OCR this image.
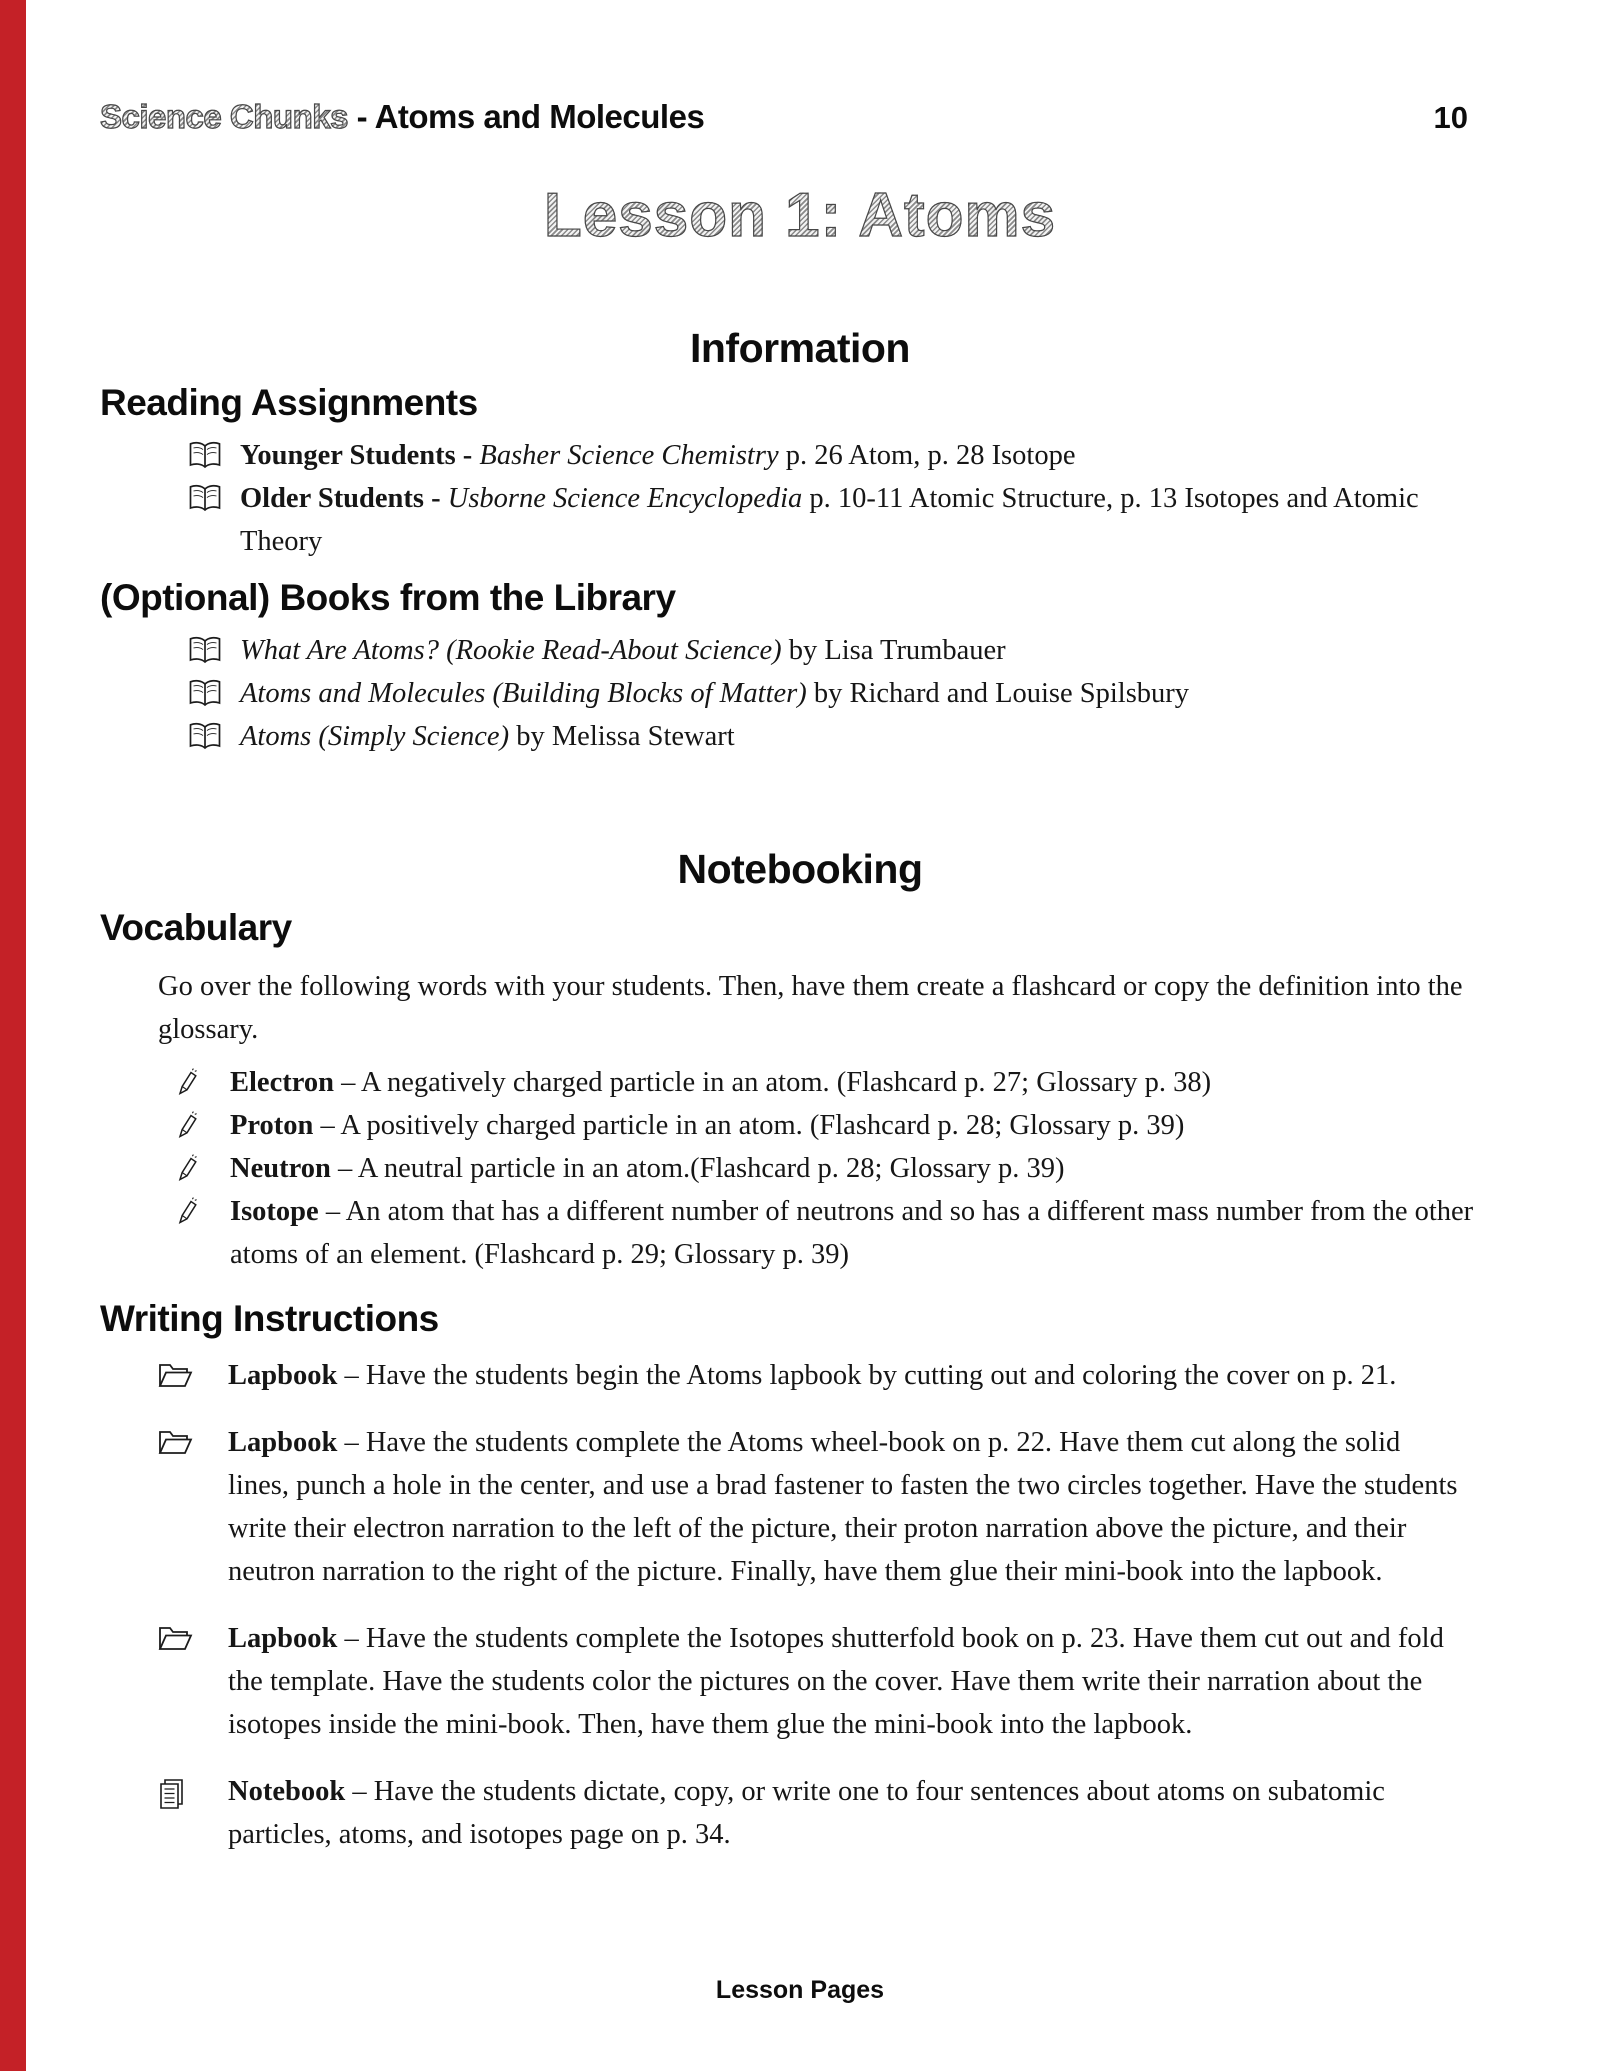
Science Chunks - Atoms and Molecules	10
Lesson 1: Atoms
Information
Reading Assignments
Younger Students - Basher Science Chemistry p. 26 Atom, p. 28 Isotope
Older Students - Usborne Science Encyclopedia p. 10-11 Atomic Structure, p. 13 Isotopes and Atomic Theory
(Optional) Books from the Library
What Are Atoms? (Rookie Read-About Science) by Lisa Trumbauer
Atoms and Molecules (Building Blocks of Matter) by Richard and Louise Spilsbury
Atoms (Simply Science) by Melissa Stewart
Notebooking
Vocabulary
Go over the following words with your students. Then, have them create a flashcard or copy the definition into the glossary.
Electron – A negatively charged particle in an atom. (Flashcard p. 27; Glossary p. 38)
Proton – A positively charged particle in an atom. (Flashcard p. 28; Glossary p. 39)
Neutron – A neutral particle in an atom.(Flashcard p. 28; Glossary p. 39)
Isotope – An atom that has a different number of neutrons and so has a different mass number from the other atoms of an element. (Flashcard p. 29; Glossary p. 39)
Writing Instructions
Lapbook – Have the students begin the Atoms lapbook by cutting out and coloring the cover on p. 21.
Lapbook – Have the students complete the Atoms wheel-book on p. 22. Have them cut along the solid lines, punch a hole in the center, and use a brad fastener to fasten the two circles together. Have the students write their electron narration to the left of the picture, their proton narration above the picture, and their neutron narration to the right of the picture. Finally, have them glue their mini-book into the lapbook.
Lapbook – Have the students complete the Isotopes shutterfold book on p. 23. Have them cut out and fold the template. Have the students color the pictures on the cover. Have them write their narration about the isotopes inside the mini-book. Then, have them glue the mini-book into the lapbook.
Notebook – Have the students dictate, copy, or write one to four sentences about atoms on subatomic particles, atoms, and isotopes page on p. 34.
Lesson Pages
